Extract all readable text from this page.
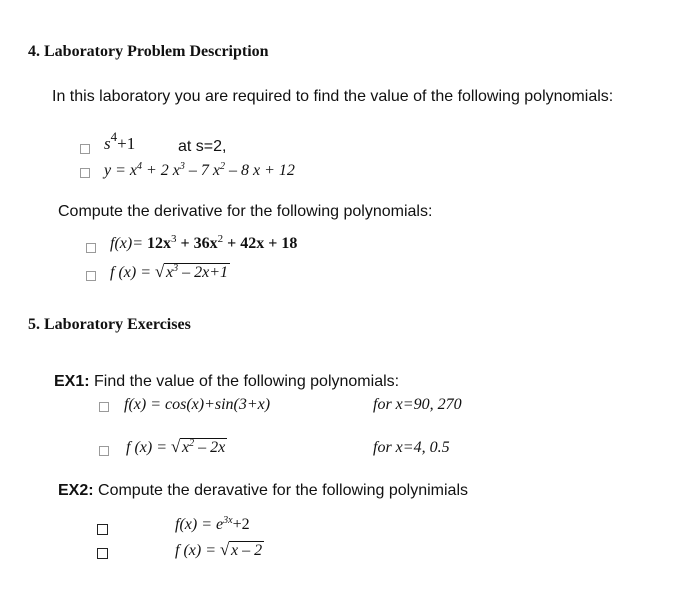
4. Laboratory Problem Description
In this laboratory you are required to find the value of the following polynomials:
$s^4+1$	at s=2,
$y = x^4 + 2$ $x^3 - 7$ $x^2 - 8$ x + 12
Compute the derivative for the following polynomials:
$f(x)= 12x^3 + 36x^2 + 42x + 18$
f (x) = √ $x^3 - 2x+1$
5. Laboratory Exercises
EX1: Find the value of the following polynomials:
f(x) = cos(x)+sin(3+x)	for x=90, 270
f (x) = √ $x^2 - 2x$	for x=4, 0.5
EX2: Compute the deravative for the following polynimials
$f(x) = e^{3x}+2$
f (x) = √ x – 2
